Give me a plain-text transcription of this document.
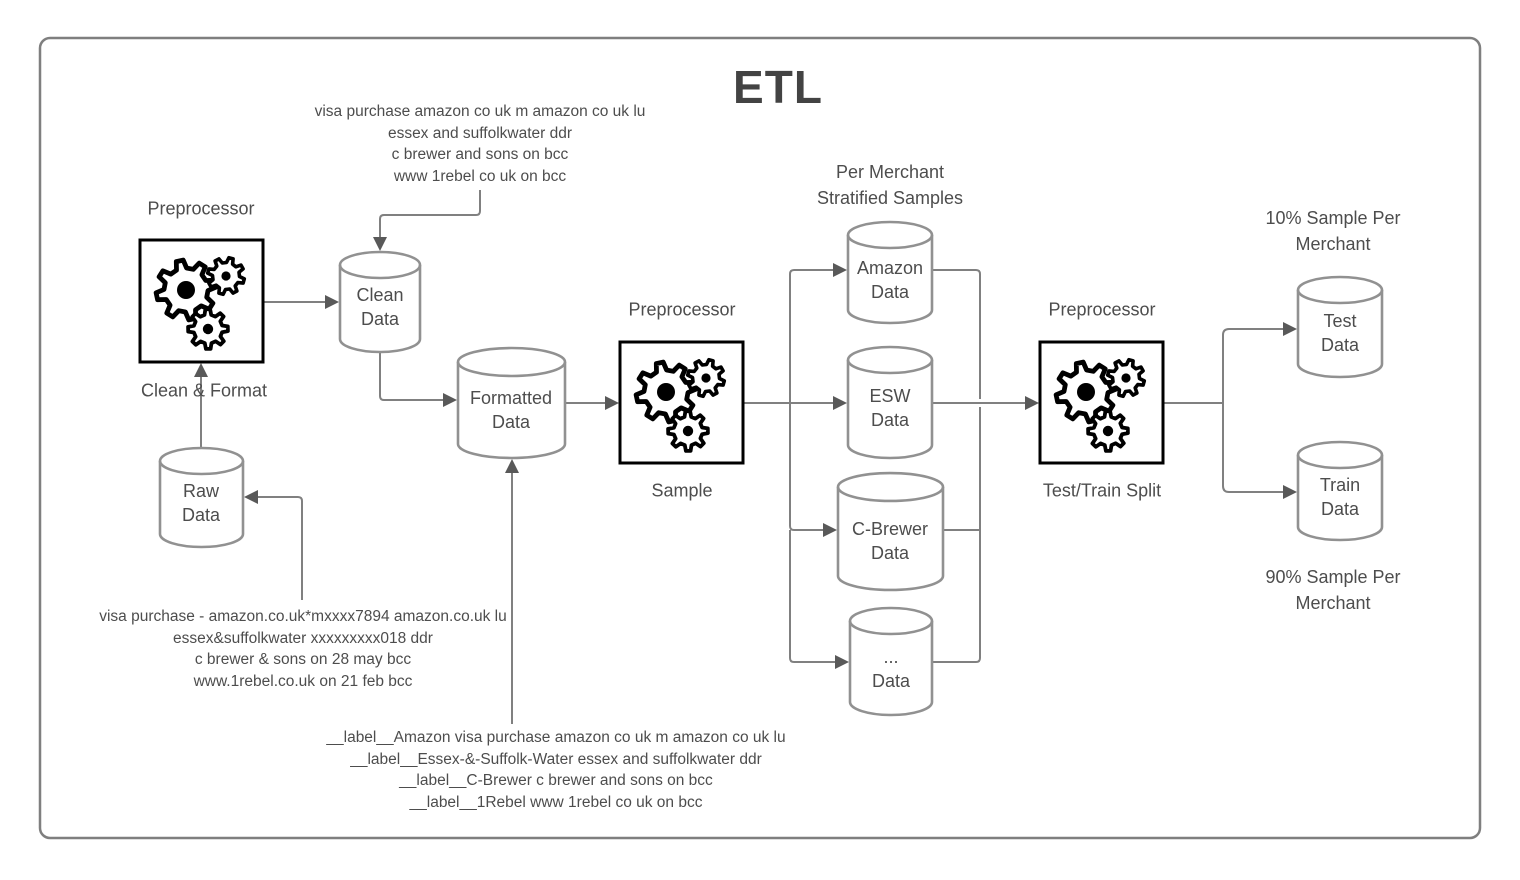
ETL
Preprocessor
Clean & Format
Preprocessor
Sample
Preprocessor
Test/Train Split
Per Merchant
Stratified Samples
10% Sample Per
Merchant
90% Sample Per
Merchant
Clean
Data
Raw
Data
Formatted
Data
Amazon
Data
ESW
Data
C-Brewer
Data
...
Data
Test
Data
Train
Data
visa purchase amazon co uk m amazon co uk lu
essex and suffolkwater ddr
c brewer and sons on bcc
www 1rebel co uk on bcc
visa purchase - amazon.co.uk*mxxxx7894 amazon.co.uk lu
essex&suffolkwater xxxxxxxxx018 ddr
c brewer & sons on 28 may bcc
www.1rebel.co.uk on 21 feb bcc
__label__Amazon visa purchase amazon co uk m amazon co uk lu
__label__Essex-&-Suffolk-Water essex and suffolkwater ddr
__label__C-Brewer c brewer and sons on bcc
__label__1Rebel www 1rebel co uk on bcc
